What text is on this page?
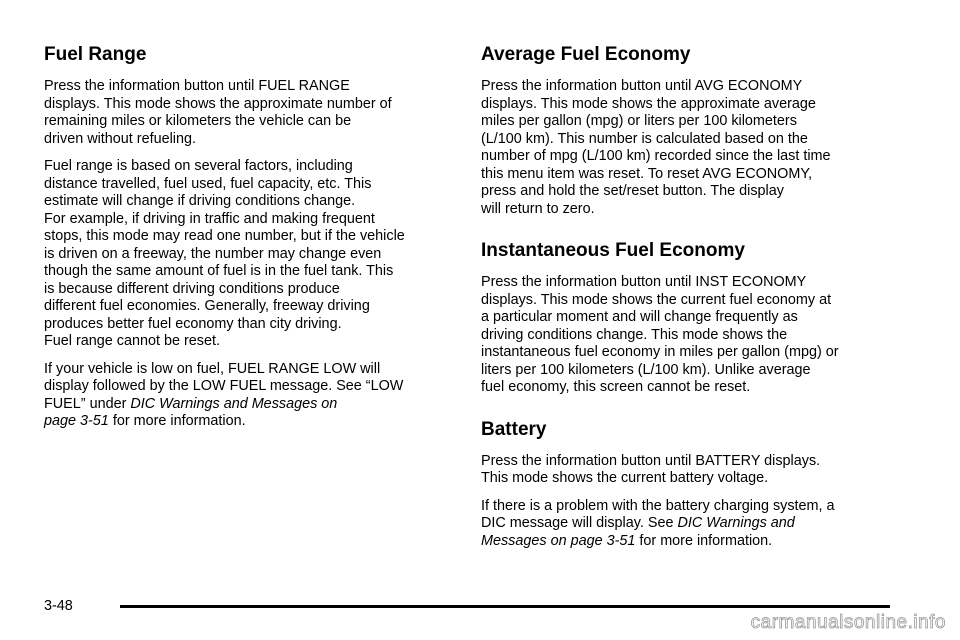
Fuel Range

Press the information button until FUEL RANGE
displays. This mode shows the approximate number of
remaining miles or kilometers the vehicle can be
driven without refueling.

Fuel range is based on several factors, including
distance travelled, fuel used, fuel capacity, etc. This
estimate will change if driving conditions change.
For example, if driving in traffic and making frequent
stops, this mode may read one number, but if the vehicle
is driven on a freeway, the number may change even
though the same amount of fuel is in the fuel tank. This
is because different driving conditions produce
different fuel economies. Generally, freeway driving
produces better fuel economy than city driving.
Fuel range cannot be reset.

If your vehicle is low on fuel, FUEL RANGE LOW will
display followed by the LOW FUEL message. See “LOW
FUEL” under DIC Warnings and Messages on
page 3-51 for more information.

Average Fuel Economy

Press the information button until AVG ECONOMY
displays. This mode shows the approximate average
miles per gallon (mpg) or liters per 100 kilometers
(L/100 km). This number is calculated based on the
number of mpg (L/100 km) recorded since the last time
this menu item was reset. To reset AVG ECONOMY,
press and hold the set/reset button. The display
will return to zero.

Instantaneous Fuel Economy

Press the information button until INST ECONOMY
displays. This mode shows the current fuel economy at
a particular moment and will change frequently as
driving conditions change. This mode shows the
instantaneous fuel economy in miles per gallon (mpg) or
liters per 100 kilometers (L/100 km). Unlike average
fuel economy, this screen cannot be reset.

Battery

Press the information button until BATTERY displays.
This mode shows the current battery voltage.

If there is a problem with the battery charging system, a
DIC message will display. See DIC Warnings and
Messages on page 3-51 for more information.

3-48
carmanualsonline.info
